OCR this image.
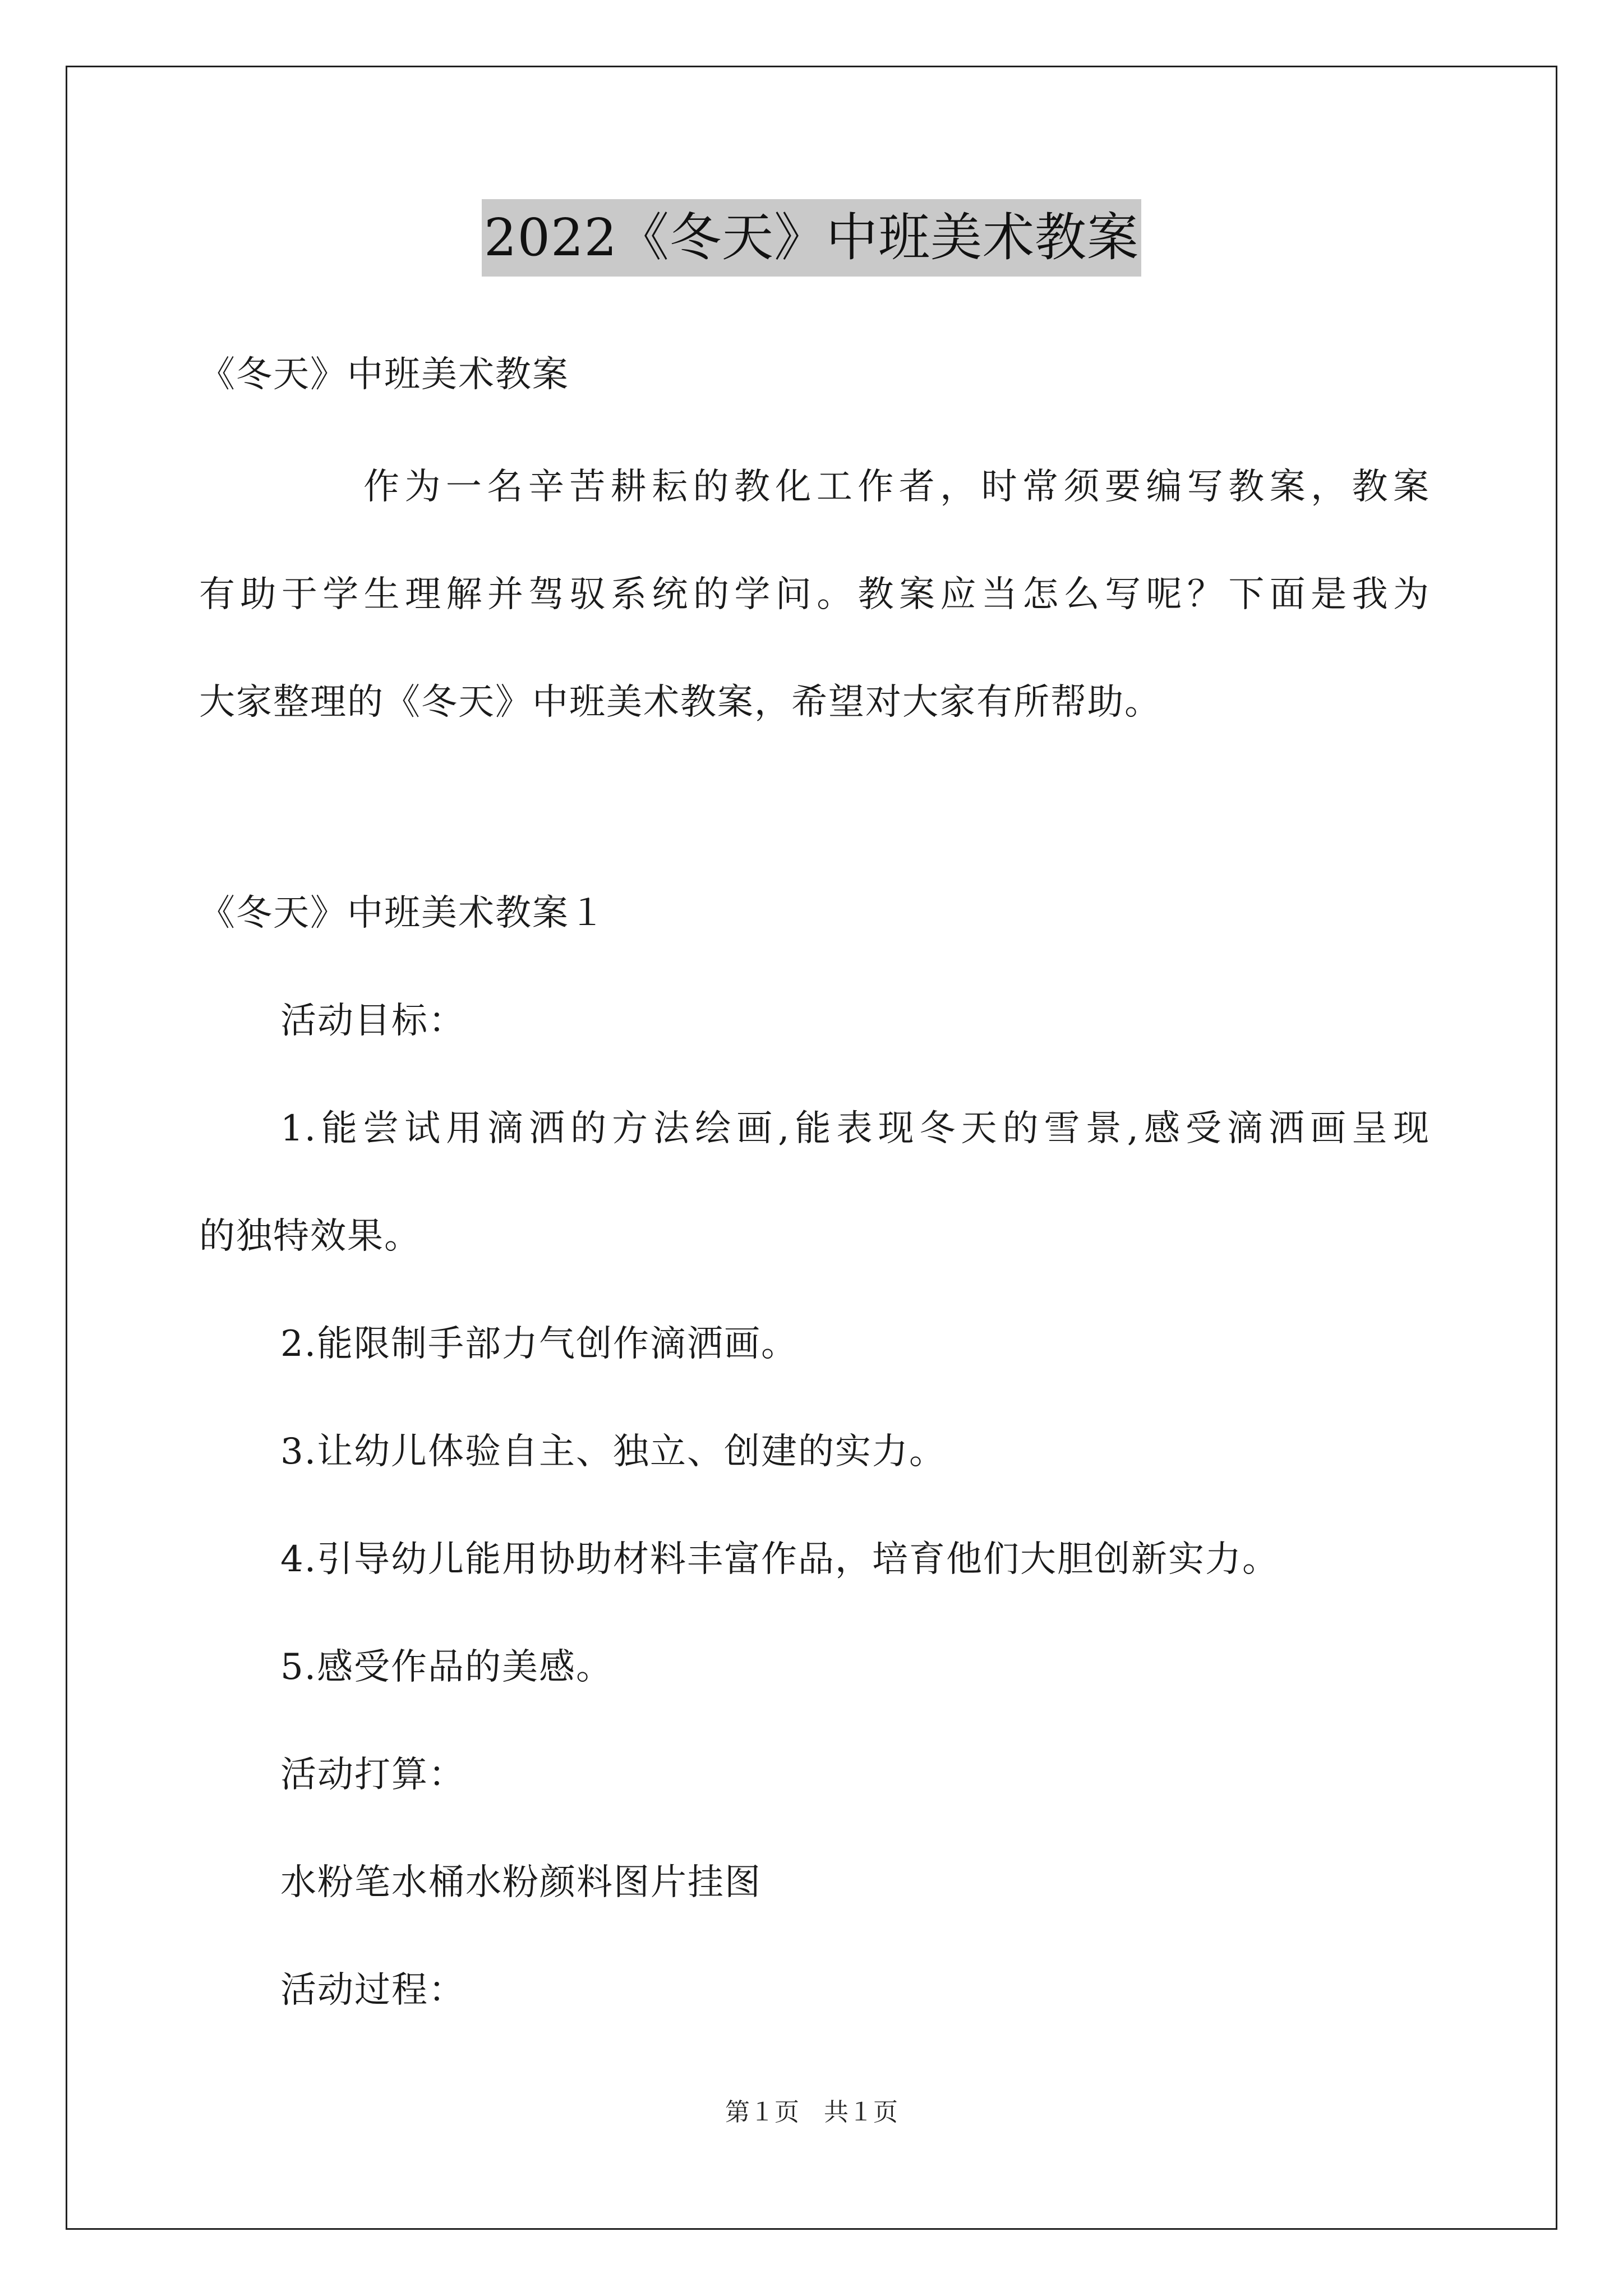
2022《冬天》中班美术教案
《冬天》中班美术教案
作为一名辛苦耕耘的教化工作者，时常须要编写教案，教案
有助于学生理解并驾驭系统的学问。教案应当怎么写呢？下面是我为
大家整理的《冬天》中班美术教案，希望对大家有所帮助。
《冬天》中班美术教案１
活动目标：
1.能尝试用滴洒的方法绘画,能表现冬天的雪景,感受滴洒画呈现
的独特效果。
2.能限制手部力气创作滴洒画。
3.让幼儿体验自主、独立、创建的实力。
4.引导幼儿能用协助材料丰富作品，培育他们大胆创新实力。
5.感受作品的美感。
活动打算：
水粉笔水桶水粉颜料图片挂图
活动过程：
第１页　共１页
